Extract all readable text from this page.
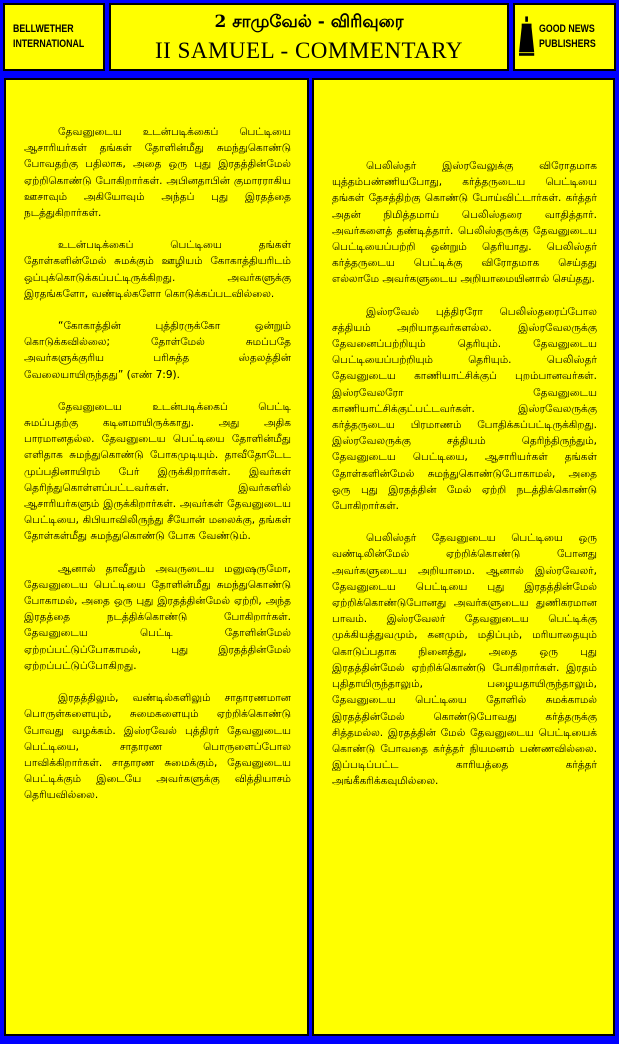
BELLWETHER
INTERNATIONAL
2 சாமுவேல் - விரிவுரை
II SAMUEL - COMMENTARY
GOOD NEWS
PUBLISHERS

தேவனுடைய உடன்படிக்கைப் பெட்டியை ஆசாரியர்கள் தங்கள் தோளின்மீது சுமந்துகொண்டு போவதற்கு பதிலாக, அதை ஒரு புது இரதத்தின்மேல் ஏற்றிகொண்டு போகிறார்கள். அபினதாபின் குமாரராகிய ஊசாவும் அகியோவும் அந்தப் புது இரதத்தை நடத்துகிறார்கள்.

உடன்படிக்கைப் பெட்டியை தங்கள் தோள்களின்மேல் சுமக்கும் ஊழியம் கோகாத்தியரிடம் ஒப்புக்கொடுக்கப்பட்டிருக்கிறது. அவர்களுக்கு இரதங்களோ, வண்டில்களோ கொடுக்கப்படவில்லை.

“கோகாத்தின் புத்திரருக்கோ ஒன்றும் கொடுக்கவில்லை; தோள்மேல் சுமப்பதே அவர்களுக்குரிய பரிசுத்த ஸ்தலத்தின் வேலையாயிருந்தது” (எண் 7:9).

தேவனுடைய உடன்படிக்கைப் பெட்டி சுமப்பதற்கு கடினமாயிருக்காது. அது அதிக பாரமானதல்ல. தேவனுடைய பெட்டியை தோளின்மீது எளிதாக சுமந்துகொண்டு போகமுடியும். தாவீதோடேட முப்பதினாயிரம் பேர் இருக்கிறார்கள். இவர்கள் தெரிந்துகொள்ளப்பட்டவர்கள். இவர்களில் ஆசாரியர்களும் இருக்கிறார்கள். அவர்கள் தேவனுடைய பெட்டியை, கிபியாவிலிருந்து சீயோன் மலைக்கு, தங்கள் தோள்கள்மீது சுமந்துகொண்டு போக வேண்டும்.

ஆனால் தாவீதும் அவருடைய மனுஷருமோ, தேவனுடைய பெட்டியை தோளின்மீது சுமந்துகொண்டு போகாமல், அதை ஒரு புது இரதத்தின்மேல் ஏற்றி, அந்த இரதத்தை நடத்திக்கொண்டு போகிறார்கள். தேவனுடைய பெட்டி தோளின்மேல் ஏற்றப்பட்டுப்போகாமல், புது இரதத்தின்மேல் ஏற்றப்பட்டுப்போகிறது.

இரதத்திலும், வண்டில்களிலும் சாதாரணமான பொருள்களையும், சுமைகளையும் ஏற்றிக்கொண்டு போவது வழக்கம். இஸ்ரவேல் புத்திரர் தேவனுடைய பெட்டியை, சாதாரண பொருளைப்போல பாவிக்கிறார்கள். சாதாரண சுமைக்கும், தேவனுடைய பெட்டிக்கும் இடையே அவர்களுக்கு வித்தியாசம் தெரியவில்லை.

பெலிஸ்தர் இஸ்ரவேலுக்கு விரோதமாக யுத்தம்பண்ணியபோது, கர்த்தருடைய பெட்டியை தங்கள் தேசத்திற்கு கொண்டு போய்விட்டார்கள். கர்த்தர் அதன் நிமித்தமாய் பெலிஸ்தரை வாதித்தார். அவர்களைத் தண்டித்தார். பெலிஸ்தருக்கு தேவனுடைய பெட்டியைப்பற்றி ஒன்றும் தெரியாது. பெலிஸ்தர் கர்த்தருடைய பெட்டிக்கு விரோதமாக செய்தது எல்லாமே அவர்களுடைய அறியாமையினால் செய்தது.

இஸ்ரவேல் புத்திரரோ பெலிஸ்தரைப்போல சத்தியம் அறியாதவர்களல்ல. இஸ்ரவேலருக்கு தேவனைப்பற்றியும் தெரியும். தேவனுடைய பெட்டியைப்பற்றியும் தெரியும். பெலிஸ்தர் தேவனுடைய காணியாட்சிக்குப் புறம்பானவர்கள். இஸ்ரவேலரோ தேவனுடைய காணியாட்சிக்குட்பட்டவர்கள். இஸ்ரவேலருக்கு கர்த்தருடைய பிரமாணம் போதிக்கப்பட்டிருக்கிறது. இஸ்ரவேலருக்கு சத்தியம் தெரிந்திருந்தும், தேவனுடைய பெட்டியை, ஆசாரியர்கள் தங்கள் தோள்களின்மேல் சுமந்துகொண்டுபோகாமல், அதை ஒரு புது இரதத்தின் மேல் ஏற்றி நடத்திக்கொண்டு போகிறார்கள்.

பெலிஸ்தர் தேவனுடைய பெட்டியை ஒரு வண்டிலின்மேல் ஏற்றிக்கொண்டு போனது அவர்களுடைய அறியாமை. ஆனால் இஸ்ரவேலர், தேவனுடைய பெட்டியை புது இரதத்தின்மேல் ஏற்றிக்கொண்டுபோனது அவர்களுடைய துணிகரமான பாவம். இஸ்ரவேலர் தேவனுடைய பெட்டிக்கு முக்கியத்துவமும், கனமும், மதிப்பும், மரியாதையும் கொடுப்பதாக நினைத்து, அதை ஒரு புது இரதத்தின்மேல் ஏற்றிக்கொண்டு போகிறார்கள். இரதம் புதிதாயிருந்தாலும், பழையதாயிருந்தாலும், தேவனுடைய பெட்டியை தோளில் சுமக்காமல் இரதத்தின்மேல் கொண்டுபோவது கர்த்தருக்கு சித்தமல்ல. இரதத்தின் மேல் தேவனுடைய பெட்டியைக் கொண்டு போவதை கர்த்தர் நியமனம் பண்ணவில்லை. இப்படிப்பட்ட காரியத்தை கர்த்தர் அங்கீகரிக்கவுமில்லை.
